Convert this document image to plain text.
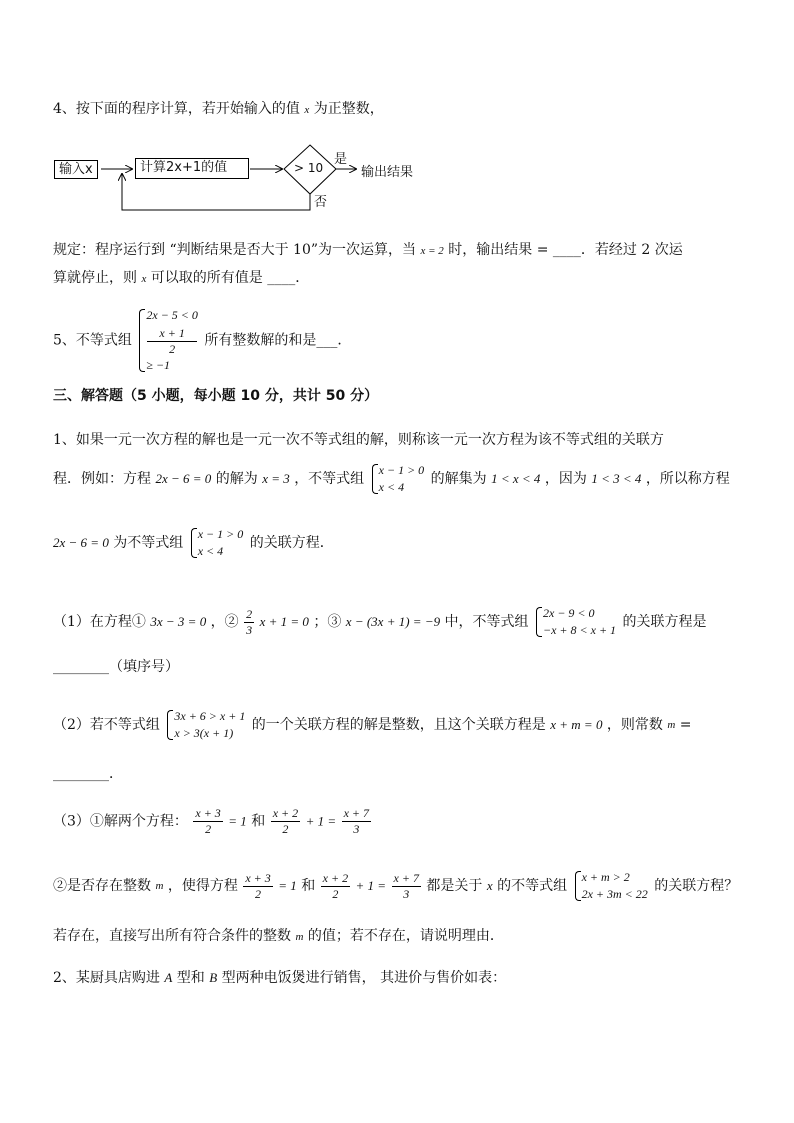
4、按下面的程序计算，若开始输入的值 x 为正整数，
输入x	计算2x+1的值	> 10
是
输出结果
否
规定：程序运行到 “判断结果是否大于 10”为一次运算，当 x = 2 时，输出结果 = ____．若经过 2 次运
算就停止，则 x 可以取的所有值是 ____．
5、不等式组
2x − 5 < 0
x + 1
2
≥ −1
所有整数解的和是___．
三、解答题（5 小题，每小题 10 分，共计 50 分）
1、如果一元一次方程的解也是一元一次不等式组的解，则称该一元一次方程为该不等式组的关联方
程．例如：方程 2x − 6 = 0 的解为 x = 3 ，不等式组
x − 1 > 0
x < 4	的解集为 1 < x < 4 ，因为 1 < 3 < 4 ，所以称方程
2x − 6 = 0 为不等式组
x − 1 > 0
x < 4	的关联方程．
（1）在方程① 3x − 3 = 0 ，② $\frac{2}{3}$ x + 1 = 0 ；③ x − (3x + 1) = −9 中，不等式组
2x − 9 < 0
−x + 8 < x + 1 的关联方程是
________（填序号）
（2）若不等式组
3x + 6 > x + 1
x > 3(x + 1)	的一个关联方程的解是整数，且这个关联方程是 x + m = 0 ，则常数 m =
________．
（3）①解两个方程： $\frac{x + 3}{2} = 1$ 和 $\frac{x + 2}{2} + 1 = \frac{x + 7}{3}$
②是否存在整数 m ，使得方程 $\frac{x + 3}{2} = 1$ 和 $\frac{x + 2}{2} + 1 = \frac{x + 7}{3}$ 都是关于 x 的不等式组
x + m > 2
2x + 3m < 22 的关联方程？
若存在，直接写出所有符合条件的整数 m 的值；若不存在，请说明理由．
2、某厨具店购进 A 型和 B 型两种电饭煲进行销售， 其进价与售价如表：
